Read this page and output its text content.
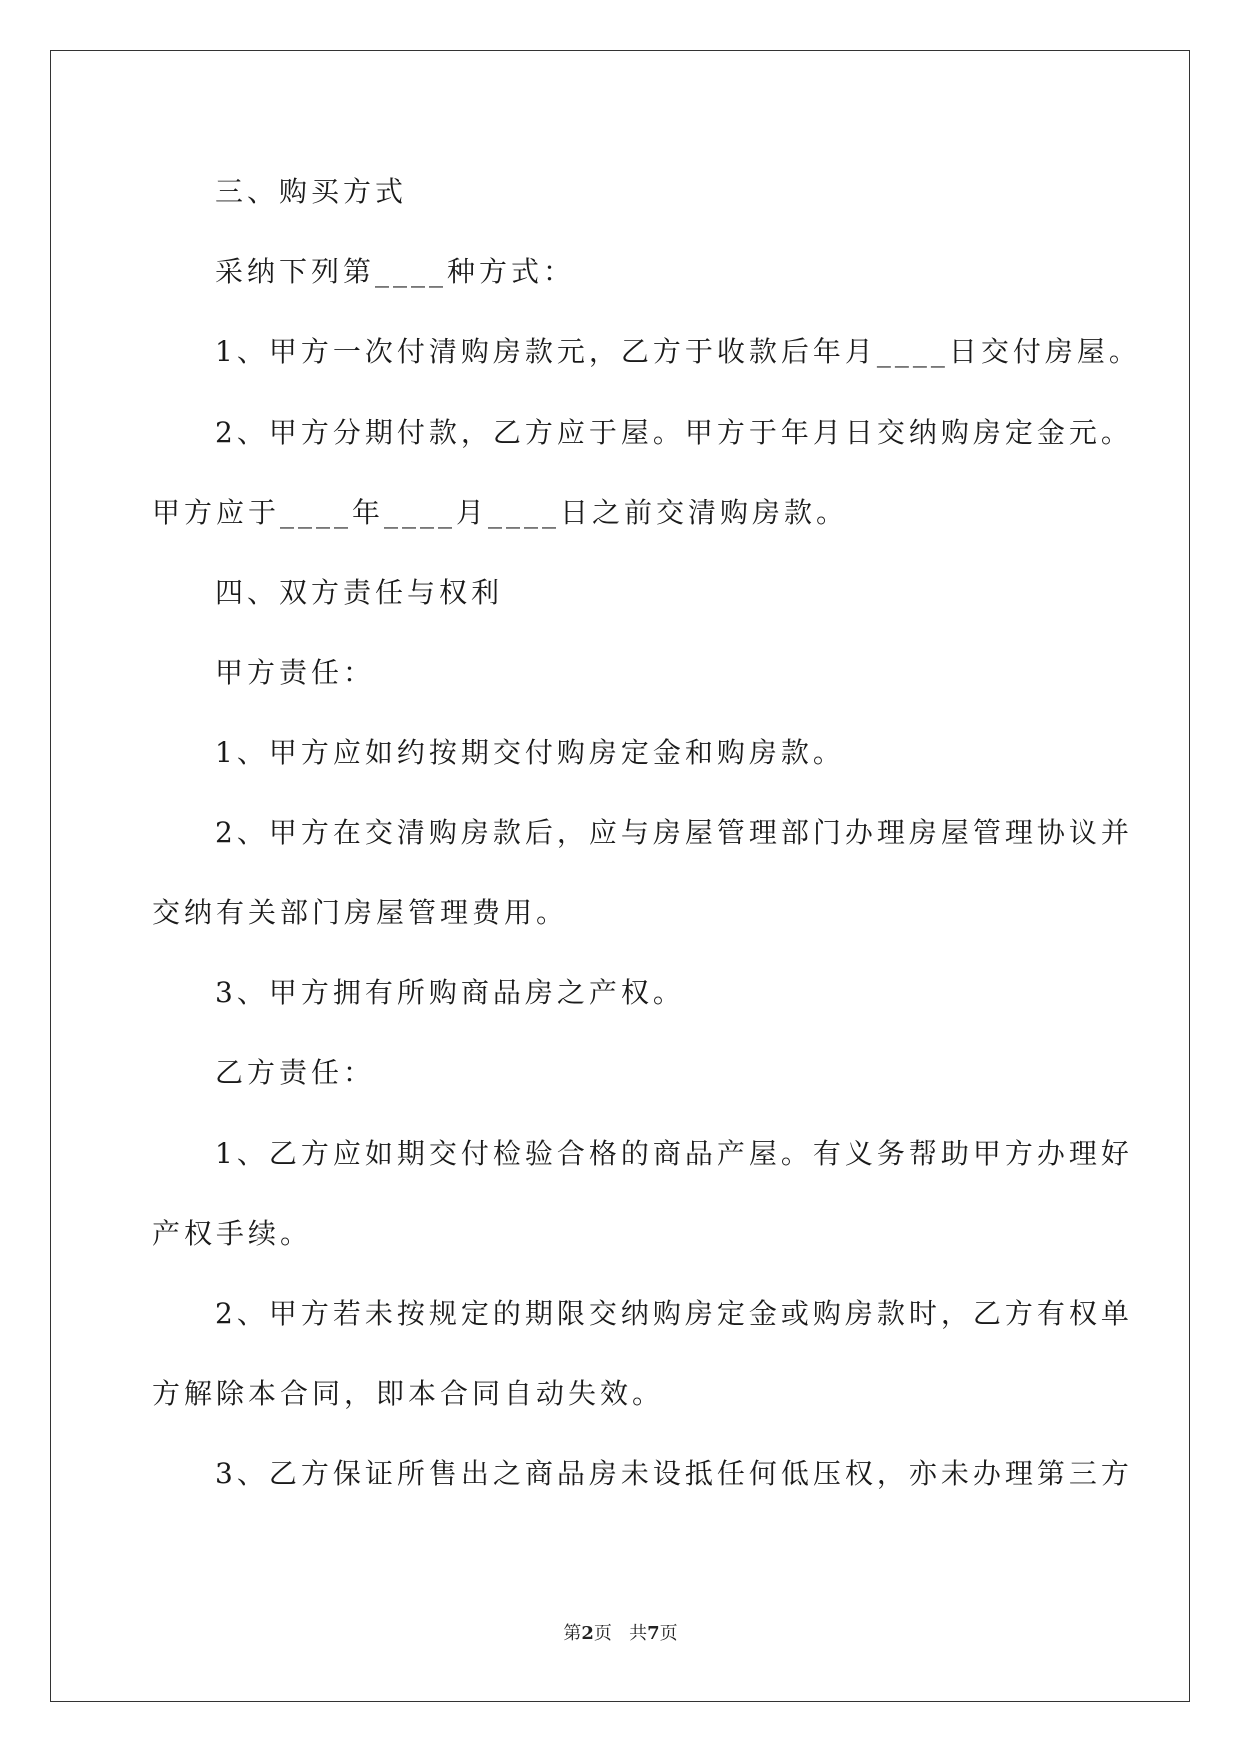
三、购买方式
采纳下列第____种方式：
1、甲方一次付清购房款元，乙方于收款后年月____日交付房屋。
2、甲方分期付款，乙方应于屋。甲方于年月日交纳购房定金元。
甲方应于____年____月____日之前交清购房款。
四、双方责任与权利
甲方责任：
1、甲方应如约按期交付购房定金和购房款。
2、甲方在交清购房款后，应与房屋管理部门办理房屋管理协议并
交纳有关部门房屋管理费用。
3、甲方拥有所购商品房之产权。
乙方责任：
1、乙方应如期交付检验合格的商品产屋。有义务帮助甲方办理好
产权手续。
2、甲方若未按规定的期限交纳购房定金或购房款时，乙方有权单
方解除本合同，即本合同自动失效。
3、乙方保证所售出之商品房未设抵任何低压权，亦未办理第三方
第2页 共7页
